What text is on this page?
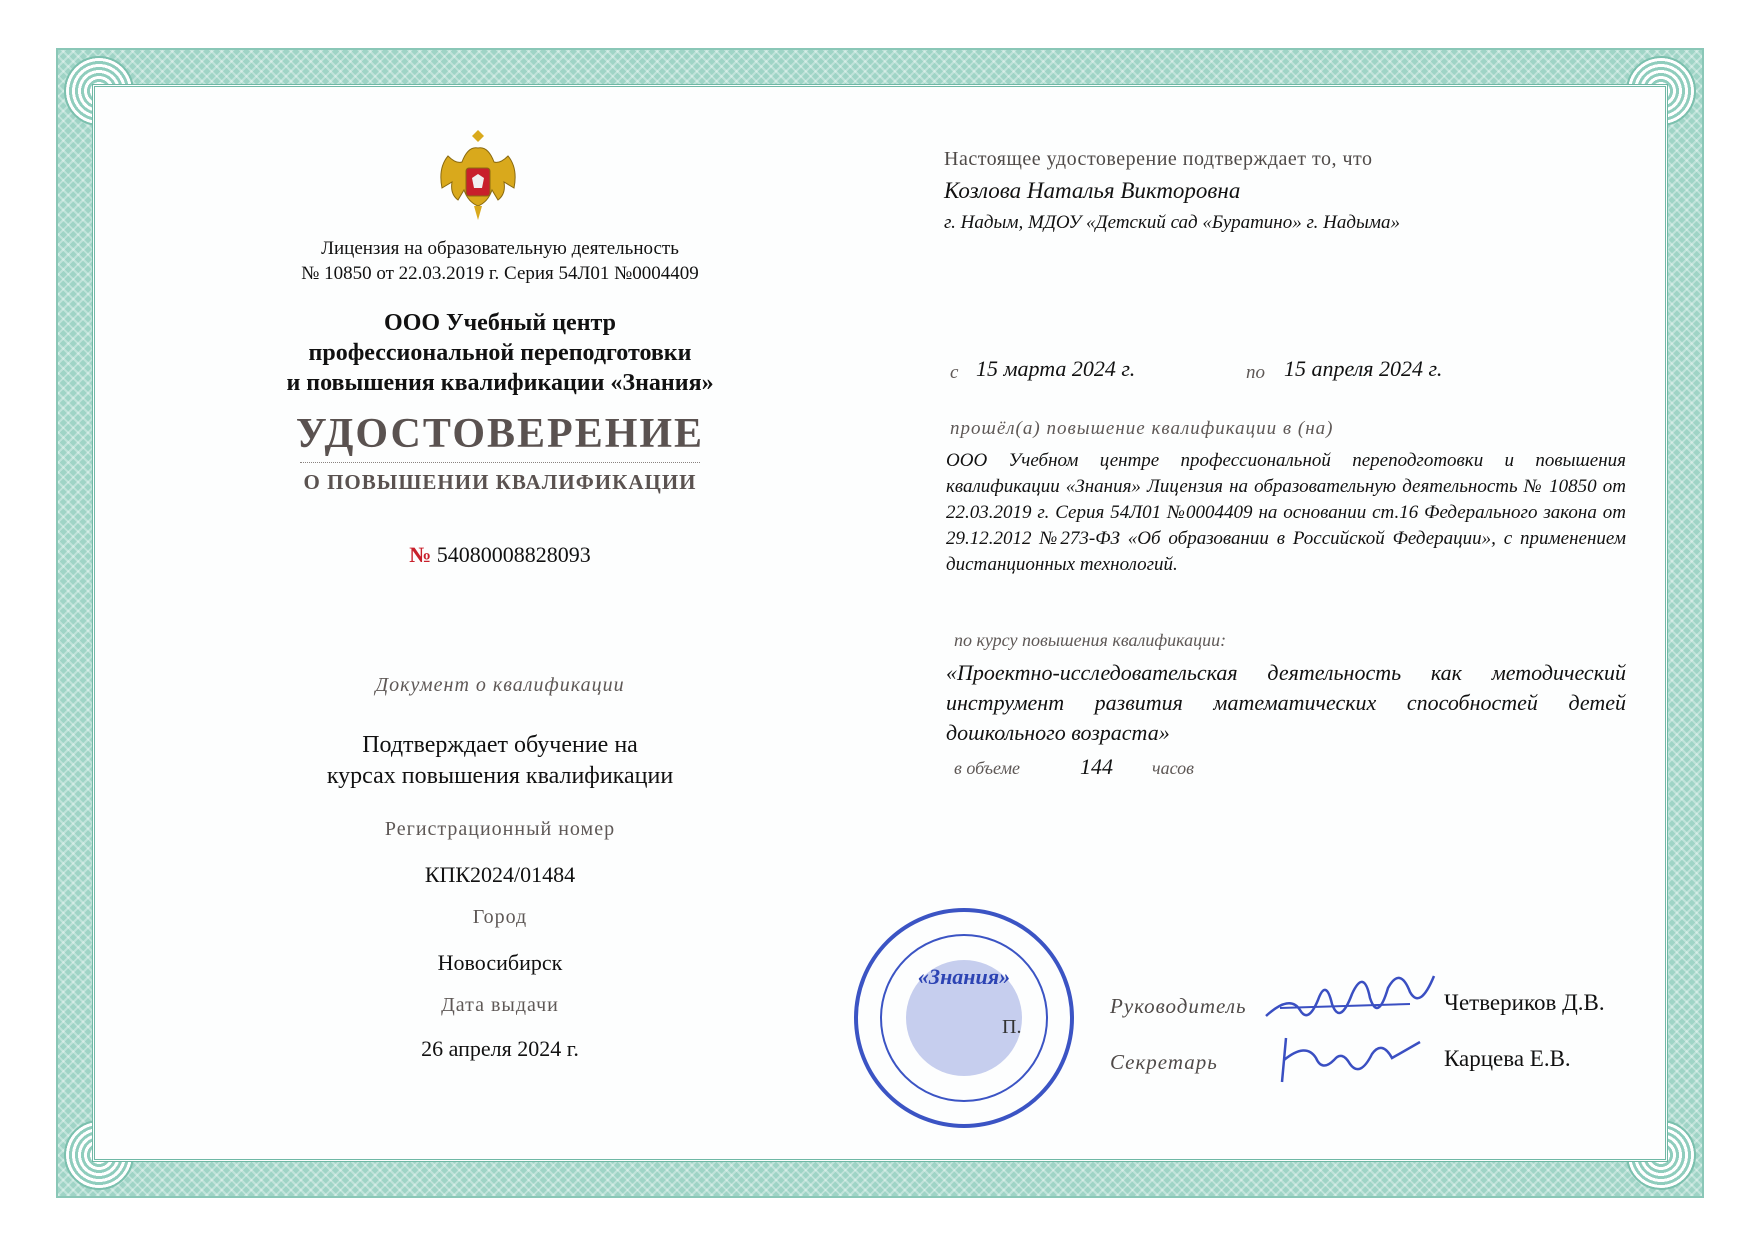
Лицензия на образовательную деятельность
№ 10850 от 22.03.2019 г. Серия 54Л01 №0004409
ООО Учебный центр
профессиональной переподготовки
и повышения квалификации «Знания»
УДОСТОВЕРЕНИЕ
О ПОВЫШЕНИИ КВАЛИФИКАЦИИ
№ 54080008828093
Документ о квалификации
Подтверждает обучение на
курсах повышения квалификации
Регистрационный номер
КПК2024/01484
Город
Новосибирск
Дата выдачи
26 апреля 2024 г.
Настоящее удостоверение подтверждает то, что
Козлова Наталья Викторовна
г. Надым, МДОУ «Детский сад «Буратино» г. Надыма»
с 15 марта 2024 г.	по 15 апреля 2024 г.
прошёл(а) повышение квалификации в (на)
ООО Учебном центре профессиональной переподготовки и повышения квалификации «Знания» Лицензия на образовательную деятельность № 10850 от 22.03.2019 г. Серия 54Л01 №0004409 на основании ст.16 Федерального закона от 29.12.2012 №273-ФЗ «Об образовании в Российской Федерации», с применением дистанционных технологий.
по курсу повышения квалификации:
«Проектно-исследовательская деятельность как методический инструмент развития математических способностей детей дошкольного возраста»
в объеме	144 часов
«Знания»
П.
Руководитель	Четвериков Д.В.
Секретарь	Карцева Е.В.
